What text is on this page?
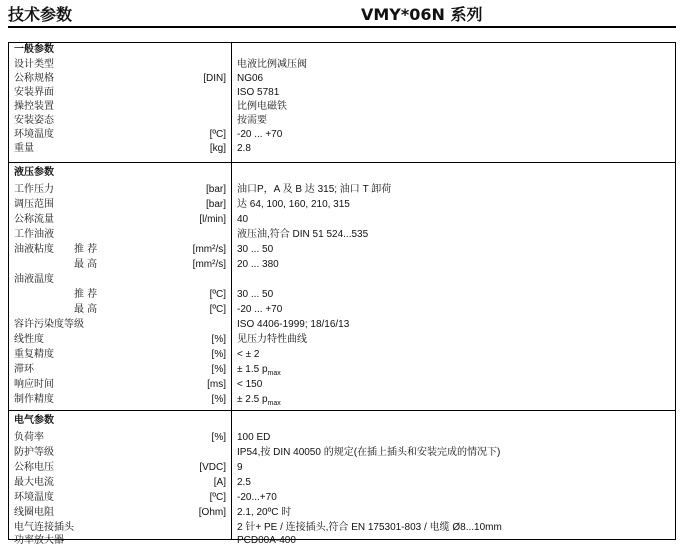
技术参数	VMY*06N 系列
一般参数
设计类型	电液比例减压阀
公称规格	[DIN] NG06
安装界面	ISO 5781
操控装置	比例电磁铁
安装姿态	按需要
环境温度	[ºC] -20 ... +70
重量	[kg] 2.8
液压参数
工作压力	[bar] 油口P，A 及 B 达 315; 油口 T 卸荷
调压范围	[bar] 达 64, 100, 160, 210, 315
公称流量	[l/min] 40
工作油液	液压油,符合 DIN 51 524...535
油液粘度 推 荐	[mm²/s] 30 ... 50
最 高	[mm²/s] 20 ... 380
油液温度
推 荐	[ºC] 30 ... 50
最 高	[ºC] -20 ... +70
容许污染度等级	ISO 4406-1999; 18/16/13
线性度	[%] 见压力特性曲线
重复精度	[%] < ± 2
滞环	[%] ± 1.5 $p_{max}$
响应时间	[ms] < 150
制作精度	[%] ± 2.5 $p_{max}$
电气参数
负荷率	[%] 100 ED
防护等级	IP54,按 DIN 40050 的规定(在插上插头和安装完成的情况下)
公称电压	[VDC] 9
最大电流	[A] 2.5
环境温度	[ºC] -20...+70
线圈电阻	[Ohm] 2.1, 20ºC 时
电气连接插头	2 针+ PE / 连接插头,符合 EN 175301-803 / 电缆 Ø8...10mm
功率放大器	PCD00A-400
